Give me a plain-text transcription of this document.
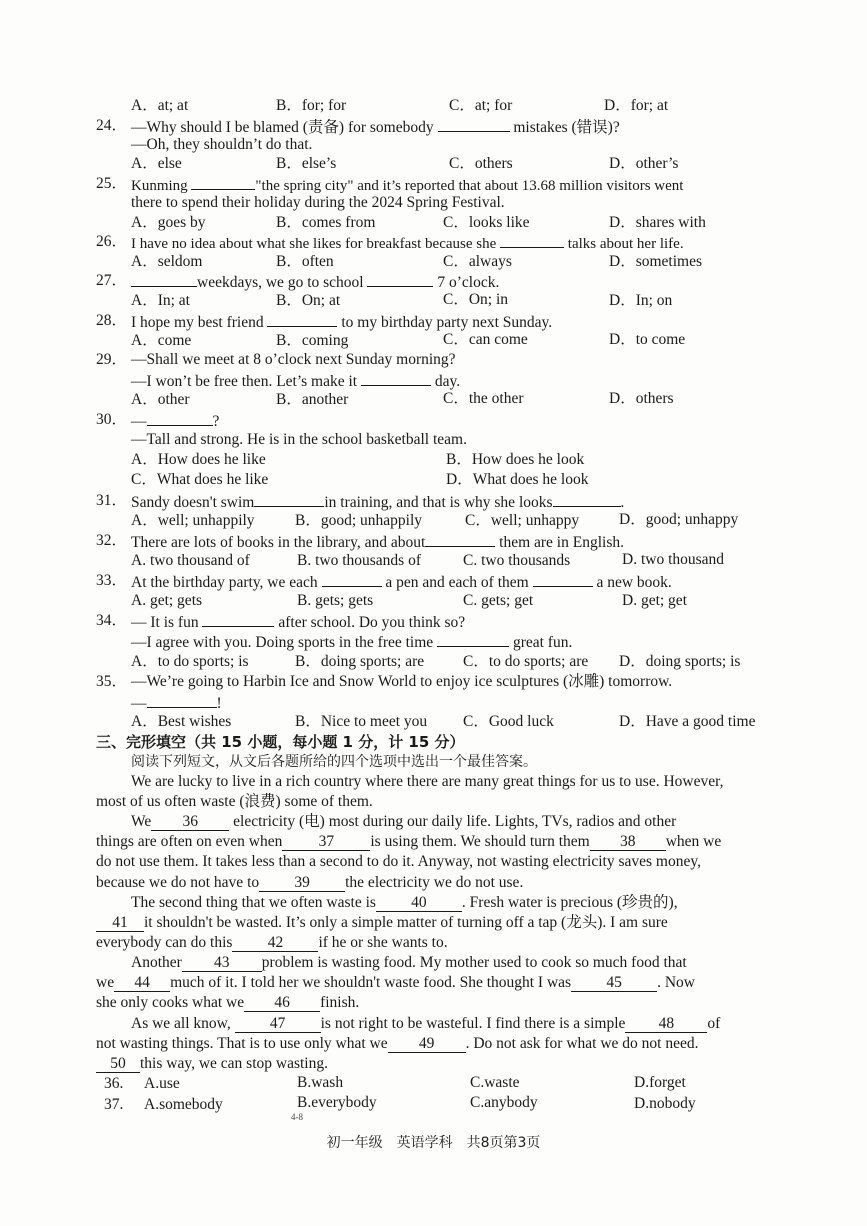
A．at; at	B．for; for	C．at; for	D．for; at
24． —Why should I be blamed (责备) for somebody	mistakes (错误)?
—Oh, they shouldn’t do that.
A．else	B．else’s	C．others	D．other’s
25． Kunming	"the spring city" and it’s reported that about 13.68 million visitors went
there to spend their holiday during the 2024 Spring Festival.
A．goes by	B．comes from	C．looks like	D．shares with
26． I have no idea about what she likes for breakfast because she	talks about her life.
A．seldom	B．often	C．always	D．sometimes
27．	weekdays, we go to school	7 o’clock.
A．In; at	B．On; at	C．On; in	D．In; on
28． I hope my best friend	to my birthday party next Sunday.
A．come	B．coming	C．can come	D．to come
29． —Shall we meet at 8 o’clock next Sunday morning?
—I won’t be free then. Let’s make it	day.
A．other	B．another	C．the other	D．others
30． —	?
—Tall and strong. He is in the school basketball team.
A．How does he like	B．How does he look
C．What does he like	D．What does he look
31． Sandy doesn't swim	in training, and that is why she looks	.
A．well; unhappily	B．good; unhappily	C．well; unhappy	D．good; unhappy
32． There are lots of books in the library, and about	them are in English.
A. two thousand of	B. two thousands of	C. two thousands	D. two thousand
33． At the birthday party, we each	a pen and each of them	a new book.
A. get; gets	B. gets; gets	C. gets; get	D. get; get
34． — It is fun	after school. Do you think so?
—I agree with you. Doing sports in the free time	great fun.
A．to do sports; is	B．doing sports; are	C．to do sports; are D．doing sports; is
35． —We’re going to Harbin Ice and Snow World to enjoy ice sculptures (冰雕) tomorrow.
—	!
A．Best wishes	B．Nice to meet you C．Good luck	D．Have a good time
三、完形填空（共 15 小题，每小题 1 分，计 15 分）
阅读下列短文，从文后各题所给的四个选项中选出一个最佳答案。
We are lucky to live in a rich country where there are many great things for us to use. However,
most of us often waste (浪费) some of them.
We 36 electricity (电) most during our daily life. Lights, TVs, radios and other
things are often on even when 37 is using them. We should turn them 38 when we
do not use them. It takes less than a second to do it. Anyway, not wasting electricity saves money,
because we do not have to 39 the electricity we do not use.
The second thing that we often waste is 40 . Fresh water is precious (珍贵的),
41 it shouldn't be wasted. It’s only a simple matter of turning off a tap (龙头). I am sure
everybody can do this 42 if he or she wants to.
Another 43 problem is wasting food. My mother used to cook so much food that
we 44 much of it. I told her we shouldn't waste food. She thought I was 45 . Now
she only cooks what we 46 finish.
As we all know,	47 is not right to be wasteful. I find there is a simple 48 of
not wasting things. That is to use only what we 49 . Do not ask for what we do not need.
50 this way, we can stop wasting.
36. A.use	B.wash	C.waste	D.forget
37. A.somebody	B.everybody	C.anybody	D.nobody
4-8
初一年级　英语学科　共8页第3页
